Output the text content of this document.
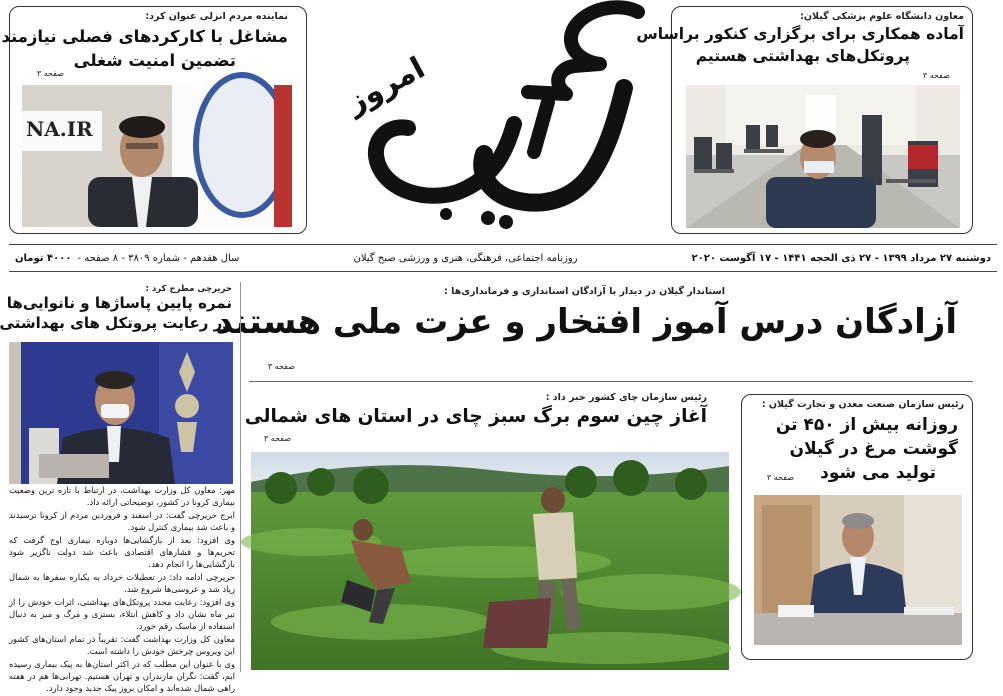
معاون دانشگاه علوم پزشکی گیلان:
آماده همکاری برای برگزاری کنکور براساس
پروتکل‌های بهداشتی هستیم
صفحه ۳
نماینده مردم انزلی عنوان کرد:
مشاغل با کارکردهای فصلی نیازمند
تضمین امنیت شغلی
صفحه ۳
NA.IR
امروز
دوشنبه ۲۷ مرداد ۱۳۹۹ - ۲۷ ذی الحجه ۱۴۴۱ - ۱۷ آگوست ۲۰۲۰
روزنامه اجتماعی، فرهنگی، هنری و ورزشی صبح گیلان
سال هفدهم - شماره ۳۸۰۹ - ۸ صفحه -
۴۰۰۰ تومان
استاندار گیلان در دیدار با آزادگان استانداری و فرمانداری‌ها :
آزادگان درس آموز افتخار و عزت ملی هستند
صفحه ۳
رئیس سازمان چای کشور خبر داد :
آغاز چین سوم برگ سبز چای در استان های شمالی
صفحه ۳
رئیس سازمان صنعت معدن و تجارت گیلان :
روزانه بیش از ۴۵۰ تن
گوشت مرغ در گیلان
تولید می شود
صفحه ۳
حریرچی مطرح کرد :
نمره پایین پاساژها و نانوایی‌ها
در رعایت پروتکل های بهداشتی

مهر: معاون کل وزارت بهداشت، در ارتباط با تازه ترین وضعیت بیماری کرونا در کشور، توضیحاتی ارائه داد.

ایرج حریرچی گفت: در اسفند و فروردین مردم از کرونا ترسیدند و باعث شد بیماری کنترل شود.

وی افزود: بعد از بازگشایی‌ها دوباره بیماری اوج گرفت که تحریم‌ها و فشارهای اقتصادی باعث شد دولت ناگزیر شود بازگشایی‌ها را انجام دهد.

حریرچی ادامه داد: در تعطیلات خرداد به یکباره سفرها به شمال زیاد شد و عروسی‌ها شروع شد.

وی افزود: رعایت مجدد پروتکل‌های بهداشتی، اثرات خودش را از تیر ماه نشان داد و کاهش ابتلاء، بستری و مرگ و میر به دنبال استفاده از ماسک رقم خورد.

معاون کل وزارت بهداشت گفت: تقریباً در تمام استان‌های کشور این ویروس چرخش خودش را داشته است.

وی با عنوان این مطلب که در اکثر استان‌ها به پیک بیماری رسیده ایم، گفت: نگران مازندران و تهران هستیم. تهرانی‌ها هم در هفته راهی شمال شده‌اند و امکان بروز پیک جدید وجود دارد.
